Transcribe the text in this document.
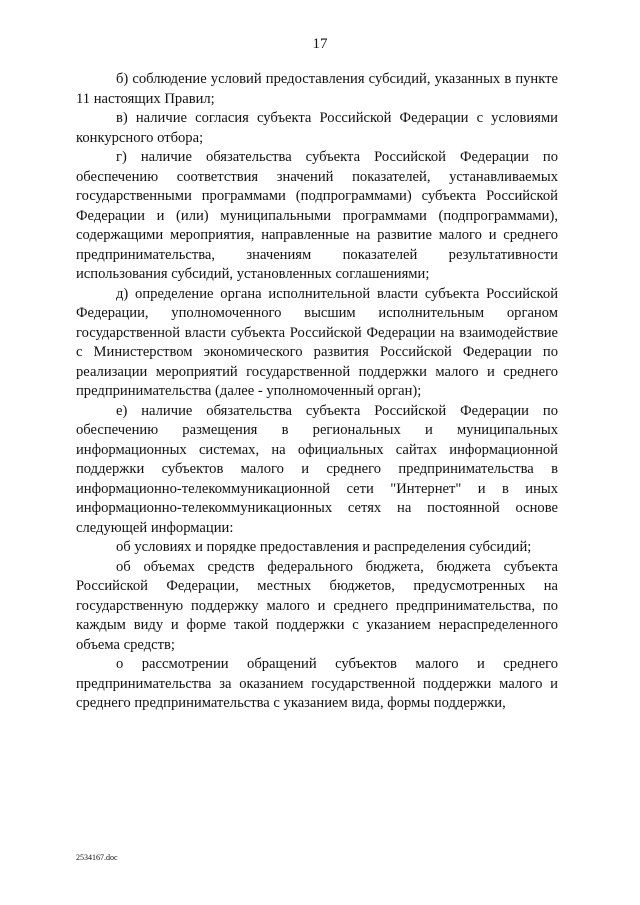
17

б) соблюдение условий предоставления субсидий, указанных в пункте 11 настоящих Правил;

в) наличие согласия субъекта Российской Федерации с условиями конкурсного отбора;

г) наличие обязательства субъекта Российской Федерации по обеспечению соответствия значений показателей, устанавливаемых государственными программами (подпрограммами) субъекта Российской Федерации и (или) муниципальными программами (подпрограммами), содержащими мероприятия, направленные на развитие малого и среднего предпринимательства, значениям показателей результативности использования субсидий, установленных соглашениями;

д) определение органа исполнительной власти субъекта Российской Федерации, уполномоченного высшим исполнительным органом государственной власти субъекта Российской Федерации на взаимодействие с Министерством экономического развития Российской Федерации по реализации мероприятий государственной поддержки малого и среднего предпринимательства (далее - уполномоченный орган);

е) наличие обязательства субъекта Российской Федерации по обеспечению размещения в региональных и муниципальных информационных системах, на официальных сайтах информационной поддержки субъектов малого и среднего предпринимательства в информационно-телекоммуникационной сети "Интернет" и в иных информационно-телекоммуникационных сетях на постоянной основе следующей информации:

об условиях и порядке предоставления и распределения субсидий;

об объемах средств федерального бюджета, бюджета субъекта Российской Федерации, местных бюджетов, предусмотренных на государственную поддержку малого и среднего предпринимательства, по каждым виду и форме такой поддержки с указанием нераспределенного объема средств;

о рассмотрении обращений субъектов малого и среднего предпринимательства за оказанием государственной поддержки малого и среднего предпринимательства с указанием вида, формы поддержки,

2534167.doc
